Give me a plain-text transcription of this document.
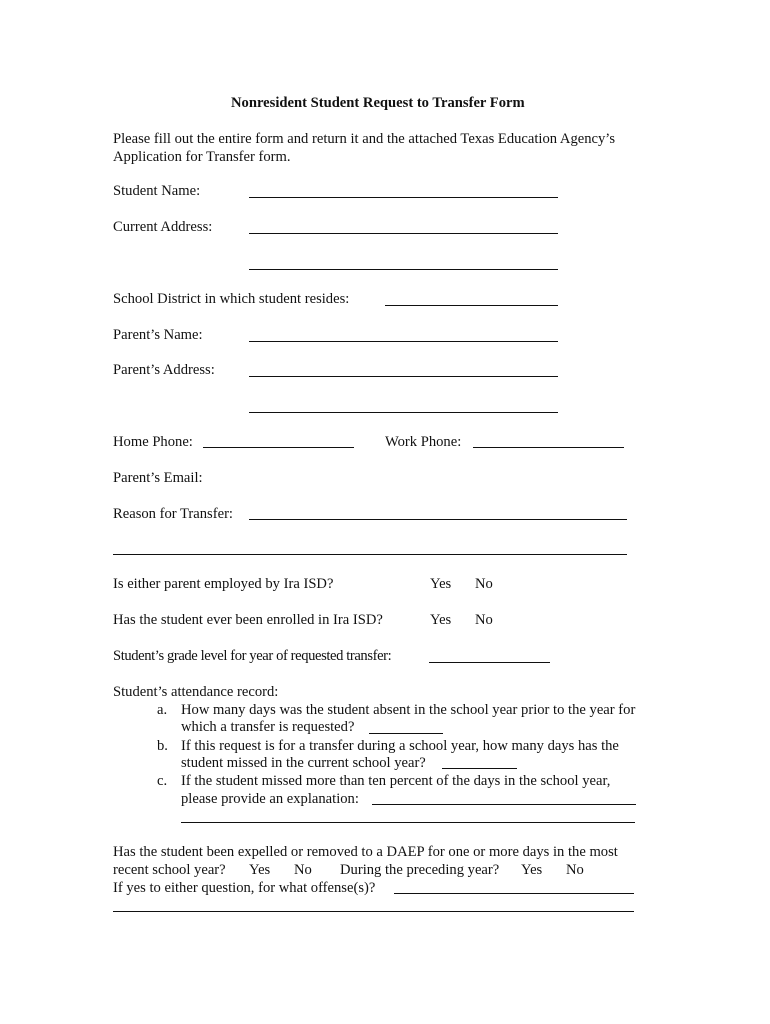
Nonresident Student Request to Transfer Form
Please fill out the entire form and return it and the attached Texas Education Agency’s
Application for Transfer form.
Student Name:
Current Address:
School District in which student resides:
Parent’s Name:
Parent’s Address:
Home Phone:	Work Phone:
Parent’s Email:
Reason for Transfer:
Is either parent employed by Ira ISD?	Yes No
Has the student ever been enrolled in Ira ISD?	Yes No
Student’s grade level for year of requested transfer:
Student’s attendance record:
a. How many days was the student absent in the school year prior to the year for
which a transfer is requested?
b. If this request is for a transfer during a school year, how many days has the
student missed in the current school year?
c. If the student missed more than ten percent of the days in the school year,
please provide an explanation:
Has the student been expelled or removed to a DAEP for one or more days in the most
recent school year? Yes No During the preceding year? Yes No
If yes to either question, for what offense(s)?
